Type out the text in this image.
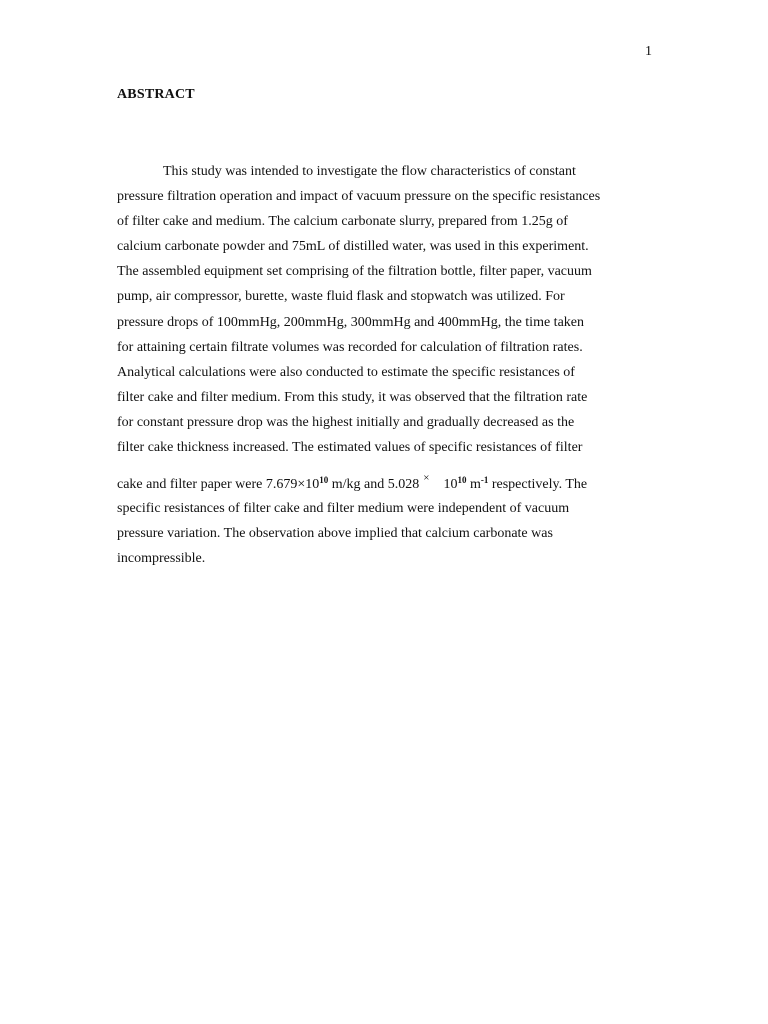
1
ABSTRACT
This study was intended to investigate the flow characteristics of constant
pressure filtration operation and impact of vacuum pressure on the specific resistances
of filter cake and medium. The calcium carbonate slurry, prepared from 1.25g of
calcium carbonate powder and 75mL of distilled water, was used in this experiment.
The assembled equipment set comprising of the filtration bottle, filter paper, vacuum
pump, air compressor, burette, waste fluid flask and stopwatch was utilized. For
pressure drops of 100mmHg, 200mmHg, 300mmHg and 400mmHg, the time taken
for attaining certain filtrate volumes was recorded for calculation of filtration rates.
Analytical calculations were also conducted to estimate the specific resistances of
filter cake and filter medium. From this study, it was observed that the filtration rate
for constant pressure drop was the highest initially and gradually decreased as the
filter cake thickness increased. The estimated values of specific resistances of filter
cake and filter paper were $7.679\times 10^{10}$ m/kg and 5.028 × $10^{10}$ $m^{-1}$ respectively. The
specific resistances of filter cake and filter medium were independent of vacuum
pressure variation. The observation above implied that calcium carbonate was
incompressible.
